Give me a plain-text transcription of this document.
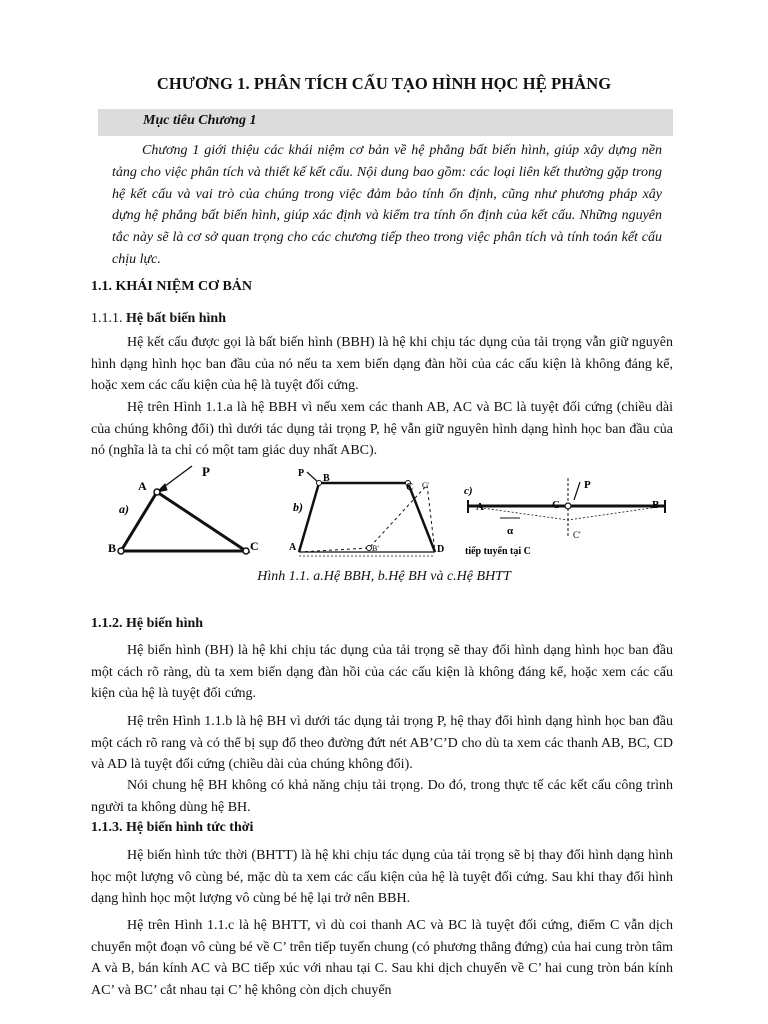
CHƯƠNG 1. PHÂN TÍCH CẤU TẠO HÌNH HỌC HỆ PHẲNG
Mục tiêu Chương 1
Chương 1 giới thiệu các khái niệm cơ bản về hệ phẳng bất biến hình, giúp xây dựng nền tảng cho việc phân tích và thiết kế kết cấu. Nội dung bao gồm: các loại liên kết thường gặp trong hệ kết cấu và vai trò của chúng trong việc đảm bảo tính ổn định, cũng như phương pháp xây dựng hệ phẳng bất biến hình, giúp xác định và kiểm tra tính ổn định của kết cấu. Những nguyên tắc này sẽ là cơ sở quan trọng cho các chương tiếp theo trong việc phân tích và tính toán kết cấu chịu lực.
1.1. KHÁI NIỆM CƠ BẢN
1.1.1. Hệ bất biến hình
Hệ kết cấu được gọi là bất biến hình (BBH) là hệ khi chịu tác dụng của tải trọng vẫn giữ nguyên hình dạng hình học ban đầu của nó nếu ta xem biến dạng đàn hồi của các cấu kiện là không đáng kể, hoặc xem các cấu kiện của hệ là tuyệt đối cứng.
Hệ trên Hình 1.1.a là hệ BBH vì nếu xem các thanh AB, AC và BC là tuyệt đối cứng (chiều dài của chúng không đổi) thì dưới tác dụng tải trọng P, hệ vẫn giữ nguyên hình dạng hình học ban đầu của nó (nghĩa là ta chỉ có một tam giác duy nhất ABC).
P
A
B	C
a)
P B
C C'
A	D
B'
b)
c)
A	B
C
C'
P
α
tiếp tuyến tại C
Hình 1.1. a.Hệ BBH, b.Hệ BH và c.Hệ BHTT
1.1.2. Hệ biến hình
Hệ biến hình (BH) là hệ khi chịu tác dụng của tải trọng sẽ thay đổi hình dạng hình học ban đầu một cách rõ ràng, dù ta xem biến dạng đàn hồi của các cấu kiện là không đáng kể, hoặc xem các cấu kiện của hệ là tuyệt đối cứng.
Hệ trên Hình 1.1.b là hệ BH vì dưới tác dụng tải trọng P, hệ thay đổi hình dạng hình học ban đầu một cách rõ rang và có thể bị sụp đổ theo đường đứt nét AB’C’D cho dù ta xem các thanh AB, BC, CD và AD là tuyệt đối cứng (chiều dài của chúng không đổi).
Nói chung hệ BH không có khả năng chịu tải trọng. Do đó, trong thực tế các kết cấu công trình người ta không dùng hệ BH.
1.1.3. Hệ biến hình tức thời
Hệ biến hình tức thời (BHTT) là hệ khi chịu tác dụng của tải trọng sẽ bị thay đổi hình dạng hình học một lượng vô cùng bé, mặc dù ta xem các cấu kiện của hệ là tuyệt đối cứng. Sau khi thay đổi hình dạng hình học một lượng vô cùng bé hệ lại trở nên BBH.
Hệ trên Hình 1.1.c là hệ BHTT, vì dù coi thanh AC và BC là tuyệt đối cứng, điểm C vẫn dịch chuyển một đoạn vô cùng bé về C’ trên tiếp tuyến chung (có phương thẳng đứng) của hai cung tròn tâm A và B, bán kính AC và BC tiếp xúc với nhau tại C. Sau khi dịch chuyển về C’ hai cung tròn bán kính AC’ và BC’ cắt nhau tại C’ hệ không còn dịch chuyển
